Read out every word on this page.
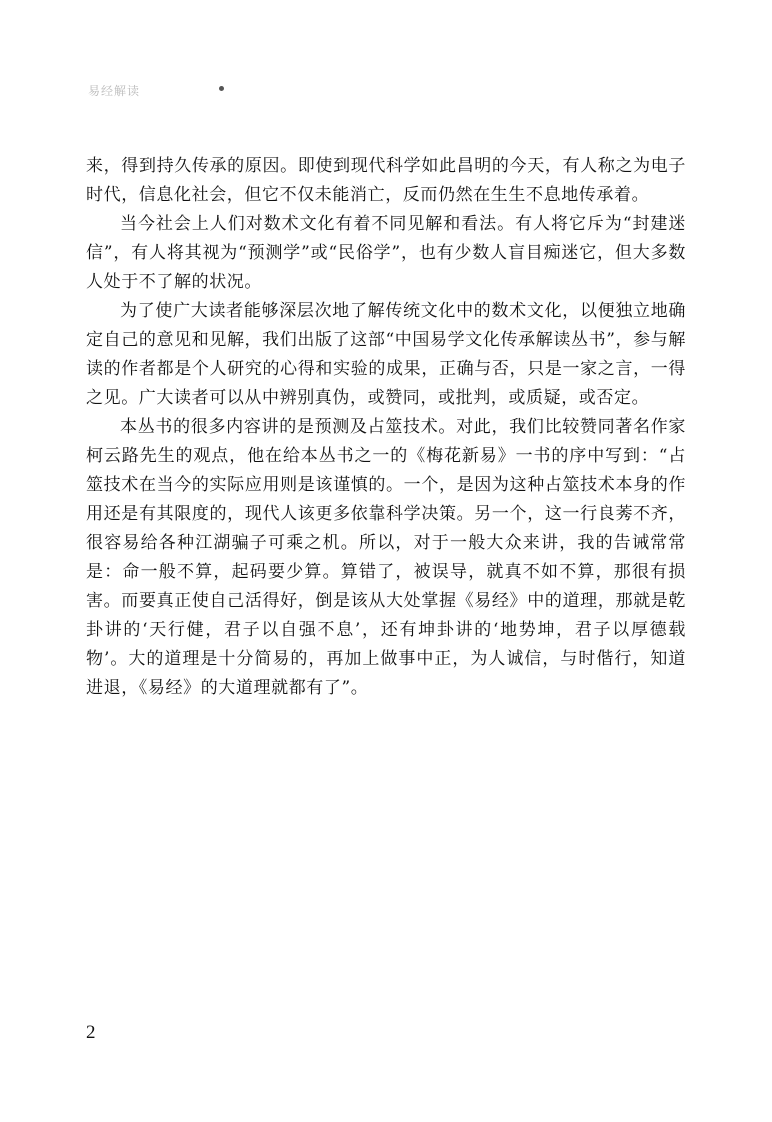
易经解读

来，得到持久传承的原因。即使到现代科学如此昌明的今天，有人称之为电子时代，信息化社会，但它不仅未能消亡，反而仍然在生生不息地传承着。

当今社会上人们对数术文化有着不同见解和看法。有人将它斥为“封建迷信”，有人将其视为“预测学”或“民俗学”，也有少数人盲目痴迷它，但大多数人处于不了解的状况。

为了使广大读者能够深层次地了解传统文化中的数术文化，以便独立地确定自己的意见和见解，我们出版了这部“中国易学文化传承解读丛书”，参与解读的作者都是个人研究的心得和实验的成果，正确与否，只是一家之言，一得之见。广大读者可以从中辨别真伪，或赞同，或批判，或质疑，或否定。

本丛书的很多内容讲的是预测及占筮技术。对此，我们比较赞同著名作家柯云路先生的观点，他在给本丛书之一的《梅花新易》一书的序中写到：“占筮技术在当今的实际应用则是该谨慎的。一个，是因为这种占筮技术本身的作用还是有其限度的，现代人该更多依靠科学决策。另一个，这一行良莠不齐，很容易给各种江湖骗子可乘之机。所以，对于一般大众来讲，我的告诫常常是：命一般不算，起码要少算。算错了，被误导，就真不如不算，那很有损害。而要真正使自己活得好，倒是该从大处掌握《易经》中的道理，那就是乾卦讲的‘天行健，君子以自强不息’，还有坤卦讲的‘地势坤，君子以厚德载物’。大的道理是十分简易的，再加上做事中正，为人诚信，与时偕行，知道进退，《易经》的大道理就都有了”。

2
